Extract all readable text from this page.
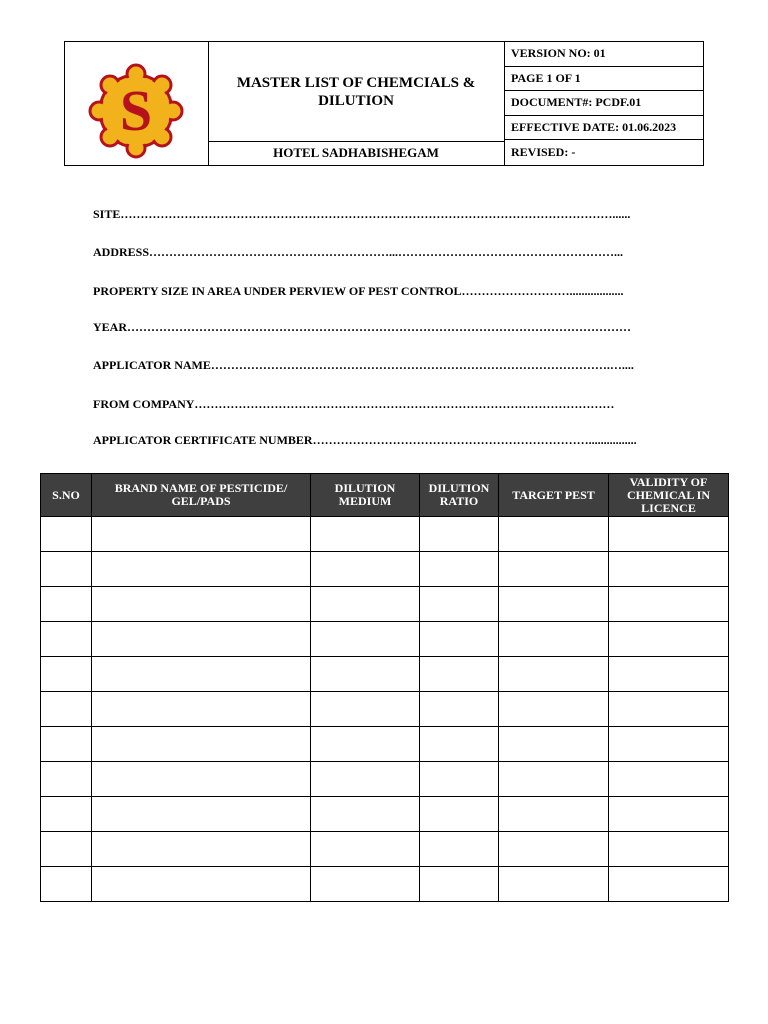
S	MASTER LIST OF CHEMCIALS & DILUTION
HOTEL SADHABISHEGAM
VERSION NO: 01
PAGE 1 OF 1
DOCUMENT#: PCDF.01
EFFECTIVE DATE: 01.06.2023
REVISED: -
SITE……………………………………………………………………………………………………………......
ADDRESS……………………………………………………...………………………………………………...
PROPERTY SIZE IN AREA UNDER PERVIEW OF PEST CONTROL………………………..................
YEAR………………………………………………………………………………………………………………
APPLICATOR NAME……………………………………………………………………………………….…....
FROM COMPANY……………………………………………………………………………………………
APPLICATOR CERTIFICATE NUMBER……………………………………………………………................
S.NO	BRAND NAME OF PESTICIDE/ GEL/PADS	DILUTION MEDIUM	DILUTION RATIO	TARGET PEST	VALIDITY OF CHEMICAL IN LICENCE
